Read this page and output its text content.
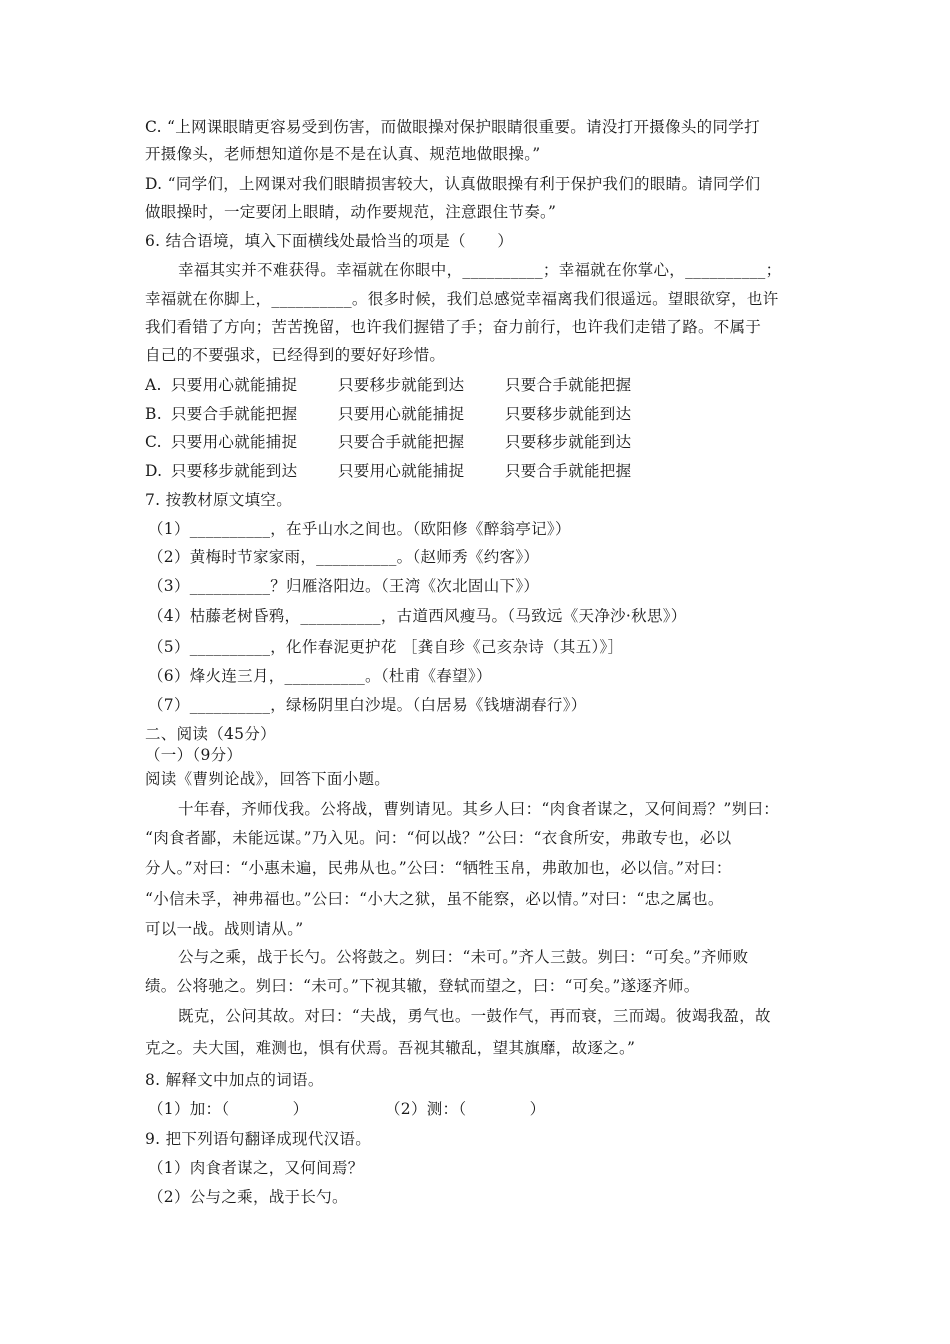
C. “上网课眼睛更容易受到伤害，而做眼操对保护眼睛很重要。请没打开摄像头的同学打
开摄像头，老师想知道你是不是在认真、规范地做眼操。”
D. “同学们，上网课对我们眼睛损害较大，认真做眼操有利于保护我们的眼睛。请同学们
做眼操时，一定要闭上眼睛，动作要规范，注意跟住节奏。”
6. 结合语境，填入下面横线处最恰当的项是（　　）
幸福其实并不难获得。幸福就在你眼中，__________；幸福就在你掌心，__________；
幸福就在你脚上，__________。很多时候，我们总感觉幸福离我们很遥远。望眼欲穿，也许
我们看错了方向；苦苦挽留，也许我们握错了手；奋力前行，也许我们走错了路。不属于
自己的不要强求，已经得到的要好好珍惜。
A. 只要用心就能捕捉	只要移步就能到达	只要合手就能把握
B. 只要合手就能把握	只要用心就能捕捉	只要移步就能到达
C. 只要用心就能捕捉	只要合手就能把握	只要移步就能到达
D. 只要移步就能到达	只要用心就能捕捉	只要合手就能把握
7. 按教材原文填空。
（1）__________，在乎山水之间也。（欧阳修《醉翁亭记》）
（2）黄梅时节家家雨，__________。（赵师秀《约客》）
（3）__________？归雁洛阳边。（王湾《次北固山下》）
（4）枯藤老树昏鸦，__________，古道西风瘦马。（马致远《天净沙·秋思》）
（5）__________，化作春泥更护花 ［龚自珍《己亥杂诗（其五）》］
（6）烽火连三月，__________。（杜甫《春望》）
（7）__________，绿杨阴里白沙堤。（白居易《钱塘湖春行》）
二、阅读（45分）
（一）（9分）
阅读《曹刿论战》，回答下面小题。
十年春，齐师伐我。公将战，曹刿请见。其乡人曰：“肉食者谋之，又何间焉？”刿曰：
“肉食者鄙，未能远谋。”乃入见。问：“何以战？”公曰：“衣食所安，弗敢专也，必以
分人。”对曰：“小惠未遍，民弗从也。”公曰：“牺牲玉帛，弗敢加也，必以信。”对曰：
“小信未孚，神弗福也。”公曰：“小大之狱，虽不能察，必以情。”对曰：“忠之属也。
可以一战。战则请从。”
公与之乘，战于长勺。公将鼓之。刿曰：“未可。”齐人三鼓。刿曰：“可矣。”齐师败
绩。公将驰之。刿曰：“未可。”下视其辙，登轼而望之，曰：“可矣。”遂逐齐师。
既克，公问其故。对曰：“夫战，勇气也。一鼓作气，再而衰，三而竭。彼竭我盈，故
克之。夫大国，难测也，惧有伏焉。吾视其辙乱，望其旗靡，故逐之。”
8. 解释文中加点的词语。
（1）加：（　　　　）	（2）测：（　　　　）
9. 把下列语句翻译成现代汉语。
（1）肉食者谋之，又何间焉？
（2）公与之乘，战于长勺。
